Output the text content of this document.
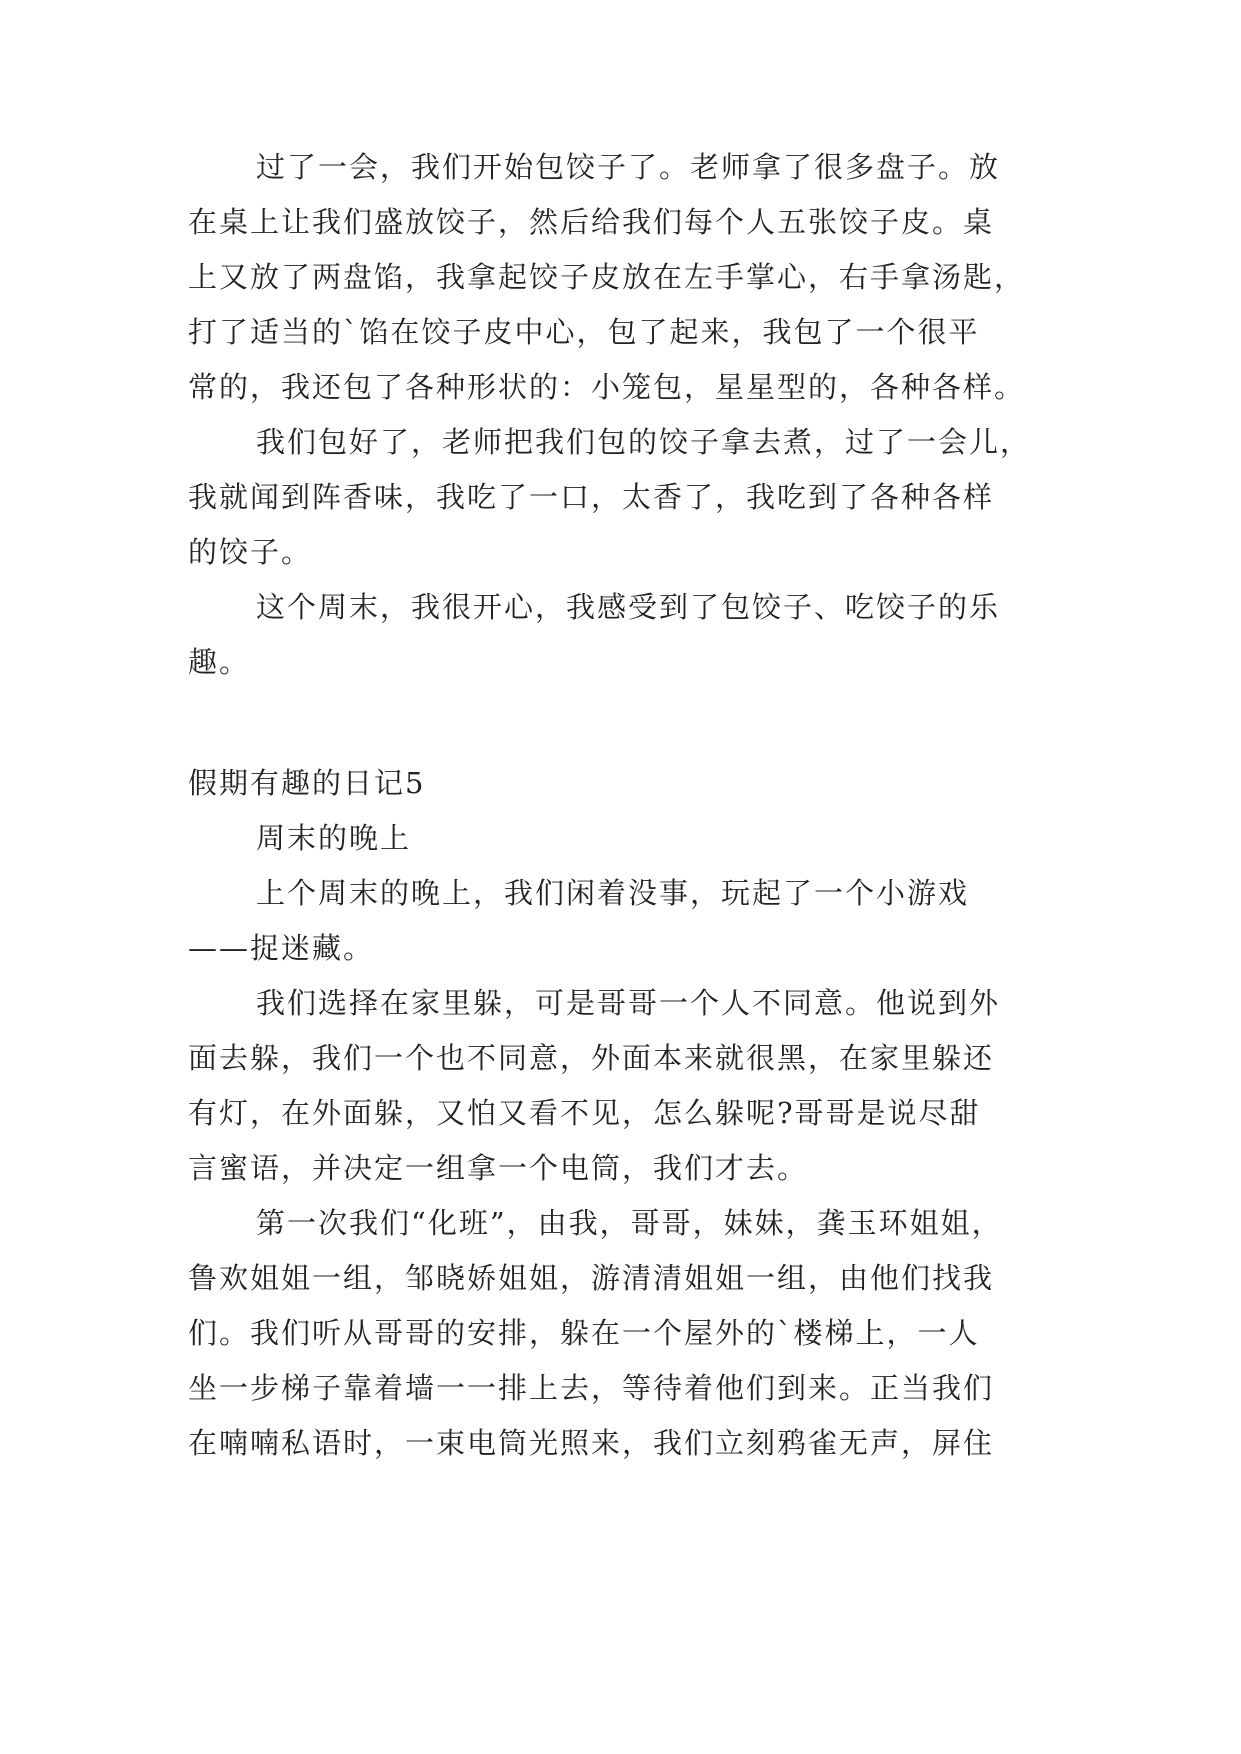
过了一会，我们开始包饺子了。老师拿了很多盘子。放
在桌上让我们盛放饺子，然后给我们每个人五张饺子皮。桌
上又放了两盘馅，我拿起饺子皮放在左手掌心，右手拿汤匙，
打了适当的`馅在饺子皮中心，包了起来，我包了一个很平
常的，我还包了各种形状的：小笼包，星星型的，各种各样。
我们包好了，老师把我们包的饺子拿去煮，过了一会儿，
我就闻到阵香味，我吃了一口，太香了，我吃到了各种各样
的饺子。
这个周末，我很开心，我感受到了包饺子、吃饺子的乐
趣。
假期有趣的日记5
周末的晚上
上个周末的晚上，我们闲着没事，玩起了一个小游戏
——捉迷藏。
我们选择在家里躲，可是哥哥一个人不同意。他说到外
面去躲，我们一个也不同意，外面本来就很黑，在家里躲还
有灯，在外面躲，又怕又看不见，怎么躲呢?哥哥是说尽甜
言蜜语，并决定一组拿一个电筒，我们才去。
第一次我们“化班”，由我，哥哥，妹妹，龚玉环姐姐，
鲁欢姐姐一组，邹晓娇姐姐，游清清姐姐一组，由他们找我
们。我们听从哥哥的安排，躲在一个屋外的`楼梯上，一人
坐一步梯子靠着墙一一排上去，等待着他们到来。正当我们
在喃喃私语时，一束电筒光照来，我们立刻鸦雀无声，屏住
